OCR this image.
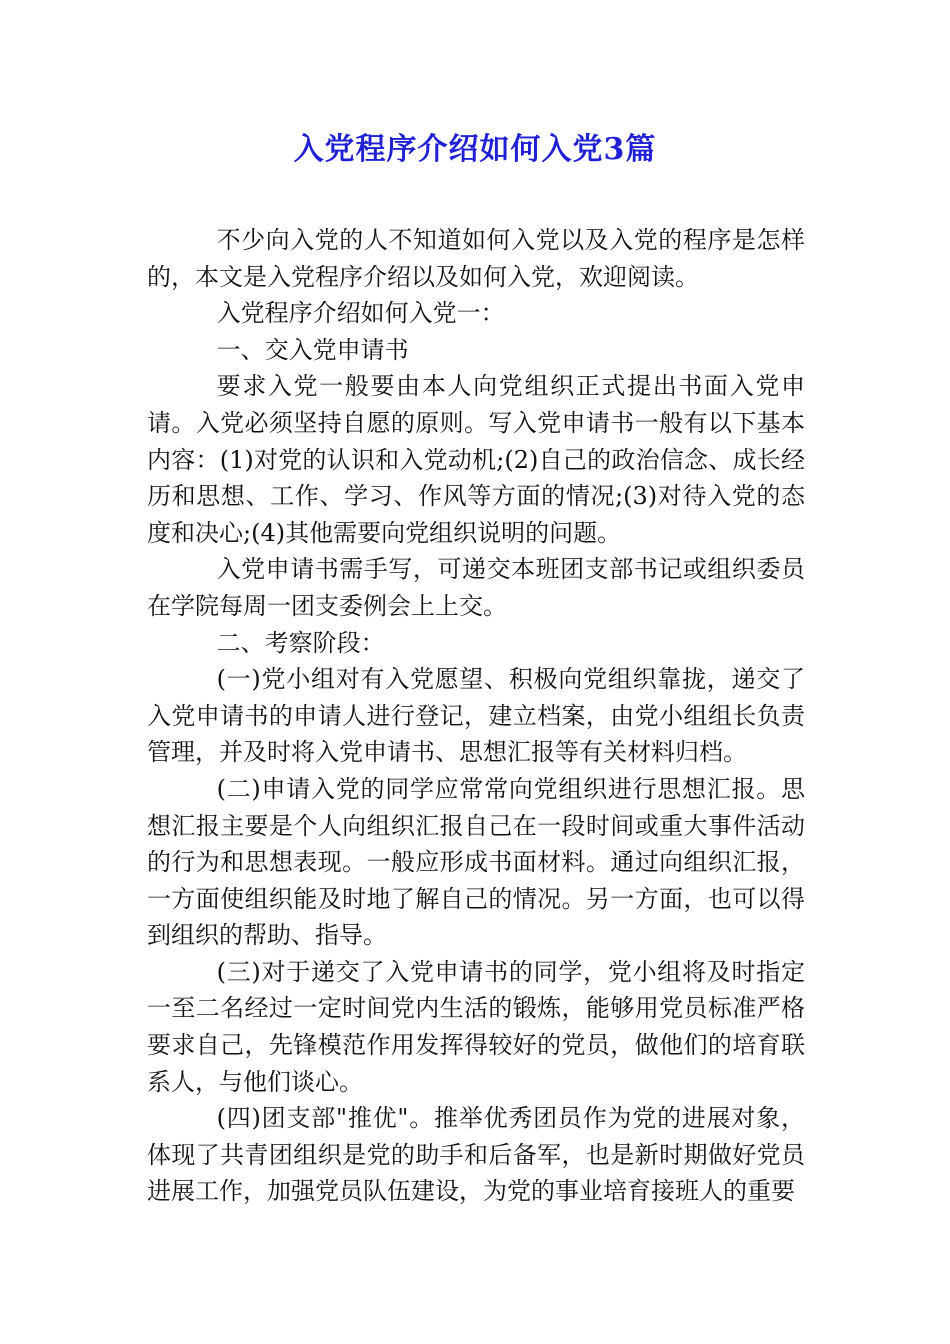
入党程序介绍如何入党3篇

不少向入党的人不知道如何入党以及入党的程序是怎样的，本文是入党程序介绍以及如何入党，欢迎阅读。

入党程序介绍如何入党一：

一、交入党申请书

要求入党一般要由本人向党组织正式提出书面入党申请。入党必须坚持自愿的原则。写入党申请书一般有以下基本内容：(1)对党的认识和入党动机;(2)自己的政治信念、成长经历和思想、工作、学习、作风等方面的情况;(3)对待入党的态度和决心;(4)其他需要向党组织说明的问题。

入党申请书需手写，可递交本班团支部书记或组织委员在学院每周一团支委例会上上交。

二、考察阶段：

(一)党小组对有入党愿望、积极向党组织靠拢，递交了入党申请书的申请人进行登记，建立档案，由党小组组长负责管理，并及时将入党申请书、思想汇报等有关材料归档。

(二)申请入党的同学应常常向党组织进行思想汇报。思想汇报主要是个人向组织汇报自己在一段时间或重大事件活动的行为和思想表现。一般应形成书面材料。通过向组织汇报，一方面使组织能及时地了解自己的情况。另一方面，也可以得到组织的帮助、指导。

(三)对于递交了入党申请书的同学，党小组将及时指定一至二名经过一定时间党内生活的锻炼，能够用党员标准严格要求自己，先锋模范作用发挥得较好的党员，做他们的培育联系人，与他们谈心。

(四)团支部"推优"。推举优秀团员作为党的进展对象，体现了共青团组织是党的助手和后备军，也是新时期做好党员进展工作，加强党员队伍建设，为党的事业培育接班人的重要
